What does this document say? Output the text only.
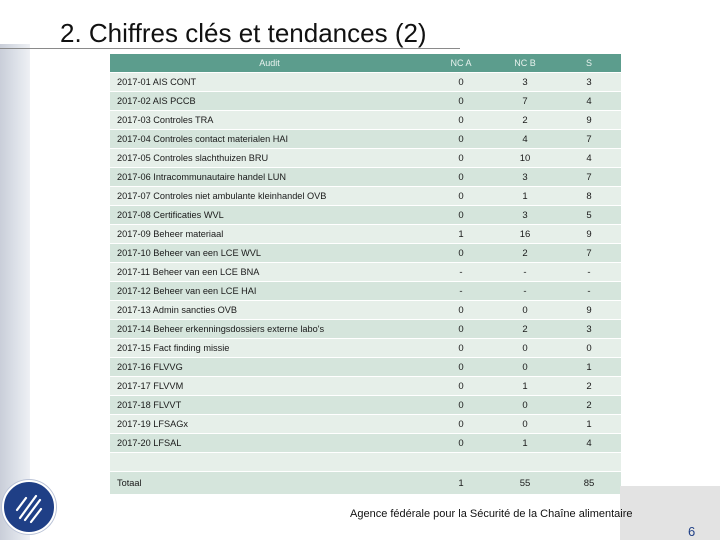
2. Chiffres clés et tendances (2)
Audit	NC A	NC B	S
2017-01 AIS CONT	0	3	3
2017-02 AIS PCCB	0	7	4
2017-03 Controles TRA	0	2	9
2017-04 Controles contact materialen HAI	0	4	7
2017-05 Controles slachthuizen BRU	0	10	4
2017-06 Intracommunautaire handel LUN	0	3	7
2017-07 Controles niet ambulante kleinhandel OVB	0	1	8
2017-08 Certificaties WVL	0	3	5
2017-09 Beheer materiaal	1	16	9
2017-10 Beheer van een LCE WVL	0	2	7
2017-11 Beheer van een LCE BNA	-	-	-
2017-12 Beheer van een LCE HAI	-	-	-
2017-13 Admin sancties OVB	0	0	9
2017-14 Beheer erkenningsdossiers externe labo's	0	2	3
2017-15 Fact finding missie	0	0	0
2017-16 FLVVG	0	0	1
2017-17 FLVVM	0	1	2
2017-18 FLVVT	0	0	2
2017-19 LFSAGx	0	0	1
2017-20 LFSAL	0	1	4

Totaal	1	55	85
Agence fédérale pour la Sécurité de la Chaîne alimentaire
6
